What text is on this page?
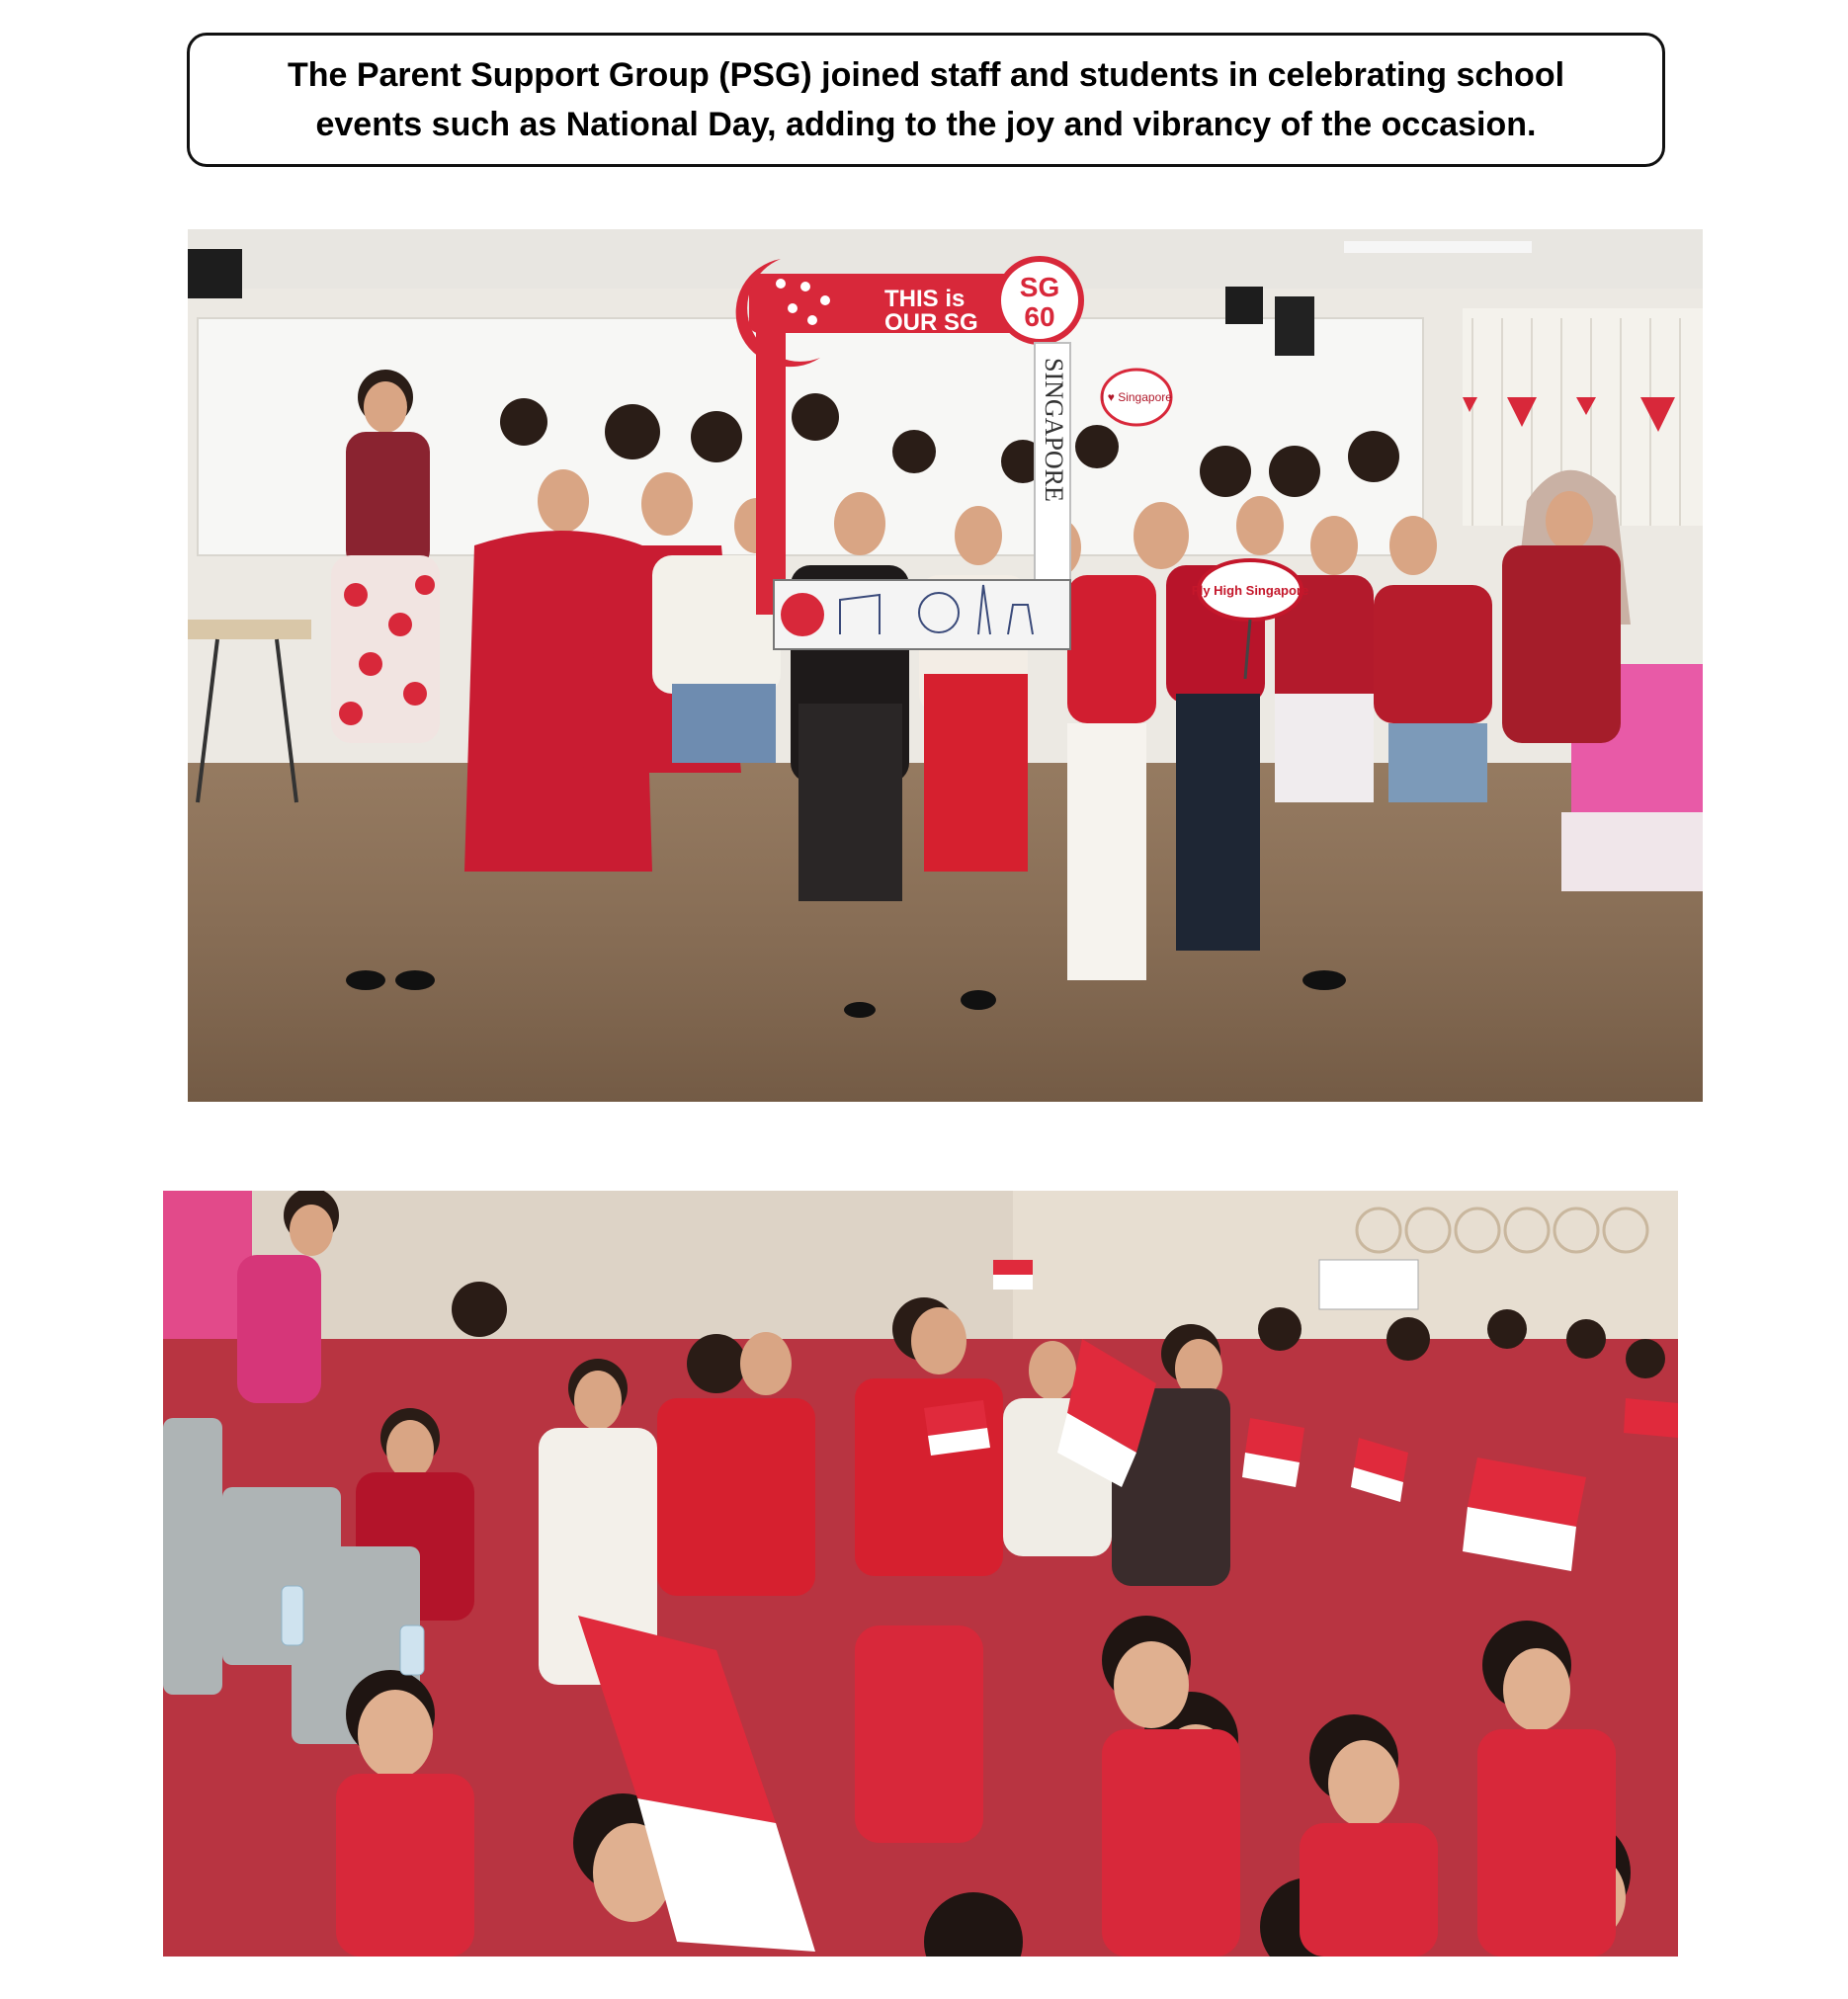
The Parent Support Group (PSG) joined staff and students in celebrating school
events such as National Day, adding to the joy and vibrancy of the occasion.
I ♥ Singapore
THIS is
OUR SG
SG
60
SINGAPORE
Fly High Singapore
